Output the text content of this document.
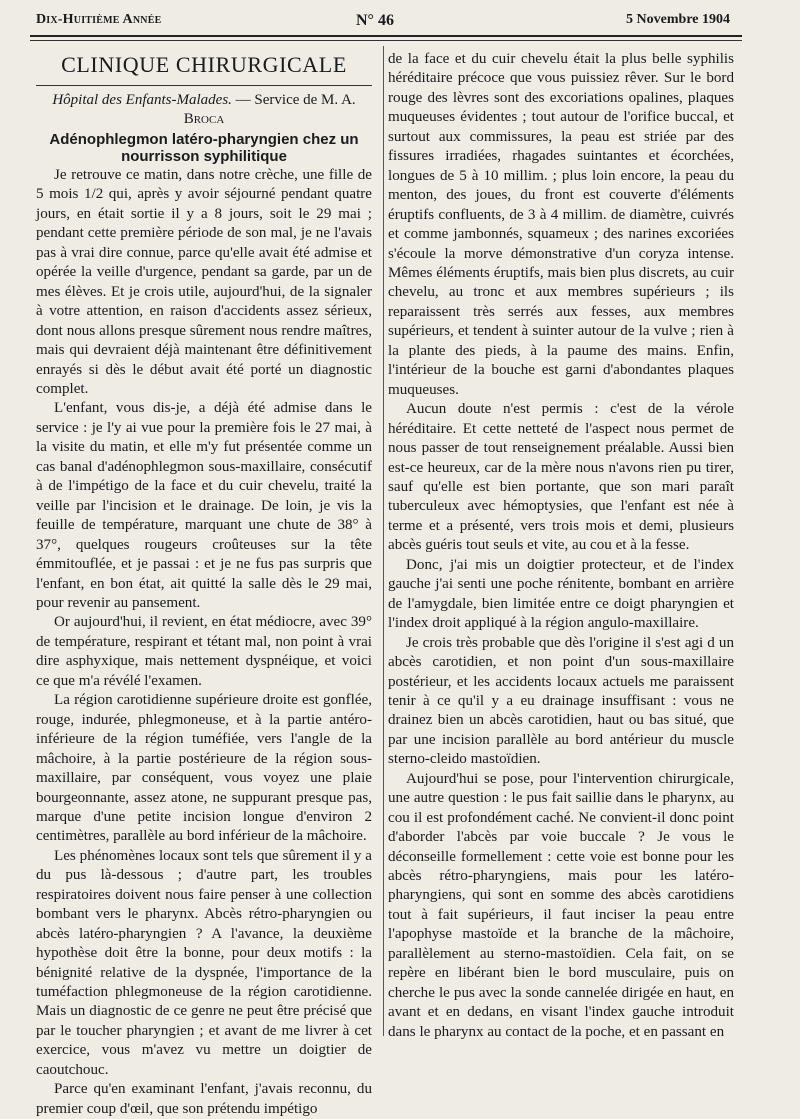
Dix-Huitième Année	N° 46	5 Novembre 1904
CLINIQUE CHIRURGICALE
Hôpital des Enfants-Malades. — Service de M. A. Broca
Adénophlegmon latéro-pharyngien chez un nourrisson syphilitique

Je retrouve ce matin, dans notre crèche, une fille de 5 mois 1/2 qui, après y avoir séjourné pendant quatre jours, en était sortie il y a 8 jours, soit le 29 mai ; pendant cette première période de son mal, je ne l'avais pas à vrai dire connue, parce qu'elle avait été admise et opérée la veille d'urgence, pendant sa garde, par un de mes élèves. Et je crois utile, aujourd'hui, de la signaler à votre attention, en raison d'accidents assez sérieux, dont nous allons presque sûrement nous rendre maîtres, mais qui devraient déjà maintenant être définitivement enrayés si dès le début avait été porté un diagnostic complet.

L'enfant, vous dis-je, a déjà été admise dans le service : je l'y ai vue pour la première fois le 27 mai, à la visite du matin, et elle m'y fut présentée comme un cas banal d'adénophlegmon sous-maxillaire, consécutif à de l'impétigo de la face et du cuir chevelu, traité la veille par l'incision et le drainage. De loin, je vis la feuille de température, marquant une chute de 38° à 37°, quelques rougeurs croûteuses sur la tête émmitouflée, et je passai : et je ne fus pas surpris que l'enfant, en bon état, ait quitté la salle dès le 29 mai, pour revenir au pansement.

Or aujourd'hui, il revient, en état médiocre, avec 39° de température, respirant et tétant mal, non point à vrai dire asphyxique, mais nettement dyspnéique, et voici ce que m'a révélé l'examen.

La région carotidienne supérieure droite est gonflée, rouge, indurée, phlegmoneuse, et à la partie antéro-inférieure de la région tuméfiée, vers l'angle de la mâchoire, à la partie postérieure de la région sous-maxillaire, par conséquent, vous voyez une plaie bourgeonnante, assez atone, ne suppurant presque pas, marque d'une petite incision longue d'environ 2 centimètres, parallèle au bord inférieur de la mâchoire.

Les phénomènes locaux sont tels que sûrement il y a du pus là-dessous ; d'autre part, les troubles respiratoires doivent nous faire penser à une collection bombant vers le pharynx. Abcès rétro-pharyngien ou abcès latéro-pharyngien ? A l'avance, la deuxième hypothèse doit être la bonne, pour deux motifs : la bénignité relative de la dyspnée, l'importance de la tuméfaction phlegmoneuse de la région carotidienne. Mais un diagnostic de ce genre ne peut être précisé que par le toucher pharyngien ; et avant de me livrer à cet exercice, vous m'avez vu mettre un doigtier de caoutchouc.

Parce qu'en examinant l'enfant, j'avais reconnu, du premier coup d'œil, que son prétendu impétigo

de la face et du cuir chevelu était la plus belle syphilis héréditaire précoce que vous puissiez rêver. Sur le bord rouge des lèvres sont des excoriations opalines, plaques muqueuses évidentes ; tout autour de l'orifice buccal, et surtout aux commissures, la peau est striée par des fissures irradiées, rhagades suintantes et écorchées, longues de 5 à 10 millim. ; plus loin encore, la peau du menton, des joues, du front est couverte d'éléments éruptifs confluents, de 3 à 4 millim. de diamètre, cuivrés et comme jambonnés, squameux ; des narines excoriées s'écoule la morve démonstrative d'un coryza intense. Mêmes éléments éruptifs, mais bien plus discrets, au cuir chevelu, au tronc et aux membres supérieurs ; ils reparaissent très serrés aux fesses, aux membres supérieurs, et tendent à suinter autour de la vulve ; rien à la plante des pieds, à la paume des mains. Enfin, l'intérieur de la bouche est garni d'abondantes plaques muqueuses.

Aucun doute n'est permis : c'est de la vérole héréditaire. Et cette netteté de l'aspect nous permet de nous passer de tout renseignement préalable. Aussi bien est-ce heureux, car de la mère nous n'avons rien pu tirer, sauf qu'elle est bien portante, que son mari paraît tuberculeux avec hémoptysies, que l'enfant est née à terme et a présenté, vers trois mois et demi, plusieurs abcès guéris tout seuls et vite, au cou et à la fesse.

Donc, j'ai mis un doigtier protecteur, et de l'index gauche j'ai senti une poche rénitente, bombant en arrière de l'amygdale, bien limitée entre ce doigt pharyngien et l'index droit appliqué à la région angulo-maxillaire.

Je crois très probable que dès l'origine il s'est agi d un abcès carotidien, et non point d'un sous-maxillaire postérieur, et les accidents locaux actuels me paraissent tenir à ce qu'il y a eu drainage insuffisant : vous ne drainez bien un abcès carotidien, haut ou bas situé, que par une incision parallèle au bord antérieur du muscle sterno-cleido mastoïdien.

Aujourd'hui se pose, pour l'intervention chirurgicale, une autre question : le pus fait saillie dans le pharynx, au cou il est profondément caché. Ne convient-il donc point d'aborder l'abcès par voie buccale ? Je vous le déconseille formellement : cette voie est bonne pour les abcès rétro-pharyngiens, mais pour les latéro-pharyngiens, qui sont en somme des abcès carotidiens tout à fait supérieurs, il faut inciser la peau entre l'apophyse mastoïde et la branche de la mâchoire, parallèlement au sterno-mastoïdien. Cela fait, on se repère en libérant bien le bord musculaire, puis on cherche le pus avec la sonde cannelée dirigée en haut, en avant et en dedans, en visant l'index gauche introduit dans le pharynx au contact de la poche, et en passant en
